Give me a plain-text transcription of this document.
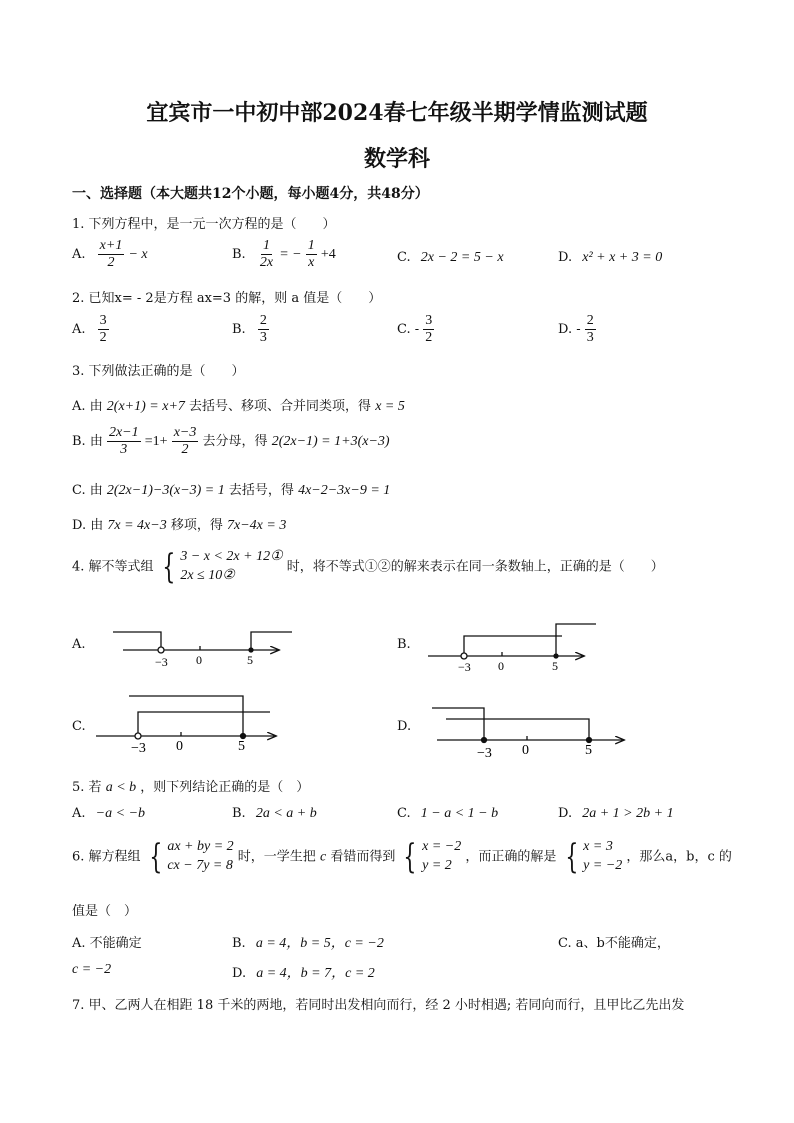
宜宾市一中初中部2024春七年级半期学情监测试题
数学科
一、选择题（本大题共12个小题，每小题4分，共48分）
1. 下列方程中，是一元一次方程的是（　　）
A. $\frac{x+1}{2} - x$	B. $\frac{1}{2x}$ = − $\frac{1}{x} +4$	C. 2x − 2 = 5 − x	D. x² + x + 3 = 0
2. 已知x= - 2是方程 ax=3 的解，则 a 值是（　　）
A. $\frac{3}{2}$	B. $\frac{2}{3}$	C. - $\frac{3}{2}$	D. - $\frac{2}{3}$
3. 下列做法正确的是（　　）
A. 由 2(x+1) = x+7 去括号、移项、合并同类项，得 x = 5
B. 由 $\frac{2x-1}{3} =1+ \frac{x-3}{2}$ 去分母，得 2(2x−1) = 1+3(x−3)
C. 由 2(2x−1)−3(x−3) = 1 去括号，得 4x−2−3x−9 = 1
D. 由 7x = 4x−3 移项，得 7x−4x = 3
4. 解不等式组 { 3 − x < 2x + 12①
2x ≤ 10②
时，将不等式①②的解来表示在同一条数轴上，正确的是（　　）
A.	B.
C.	D.
−3 0	5	−3 0	5
−3 0	5	−3 0	5
5. 若 a < b ，则下列结论正确的是（　）
A. −a < −b	B. 2a < a + b	C. 1 − a < 1 − b	D. 2a + 1 > 2b + 1
6. 解方程组 { ax + by = 2
cx − 7y = 8
时，一学生把 c 看错而得到 { x = −2
y = 2
，而正确的解是 { x = 3
y = −2
，那么a，b，c 的
值是（　）
A. 不能确定	B. a = 4，b = 5，c = −2	C. a、b不能确定，
c = −2	D. a = 4，b = 7，c = 2
7. 甲、乙两人在相距 18 千米的两地，若同时出发相向而行，经 2 小时相遇; 若同向而行，且甲比乙先出发
